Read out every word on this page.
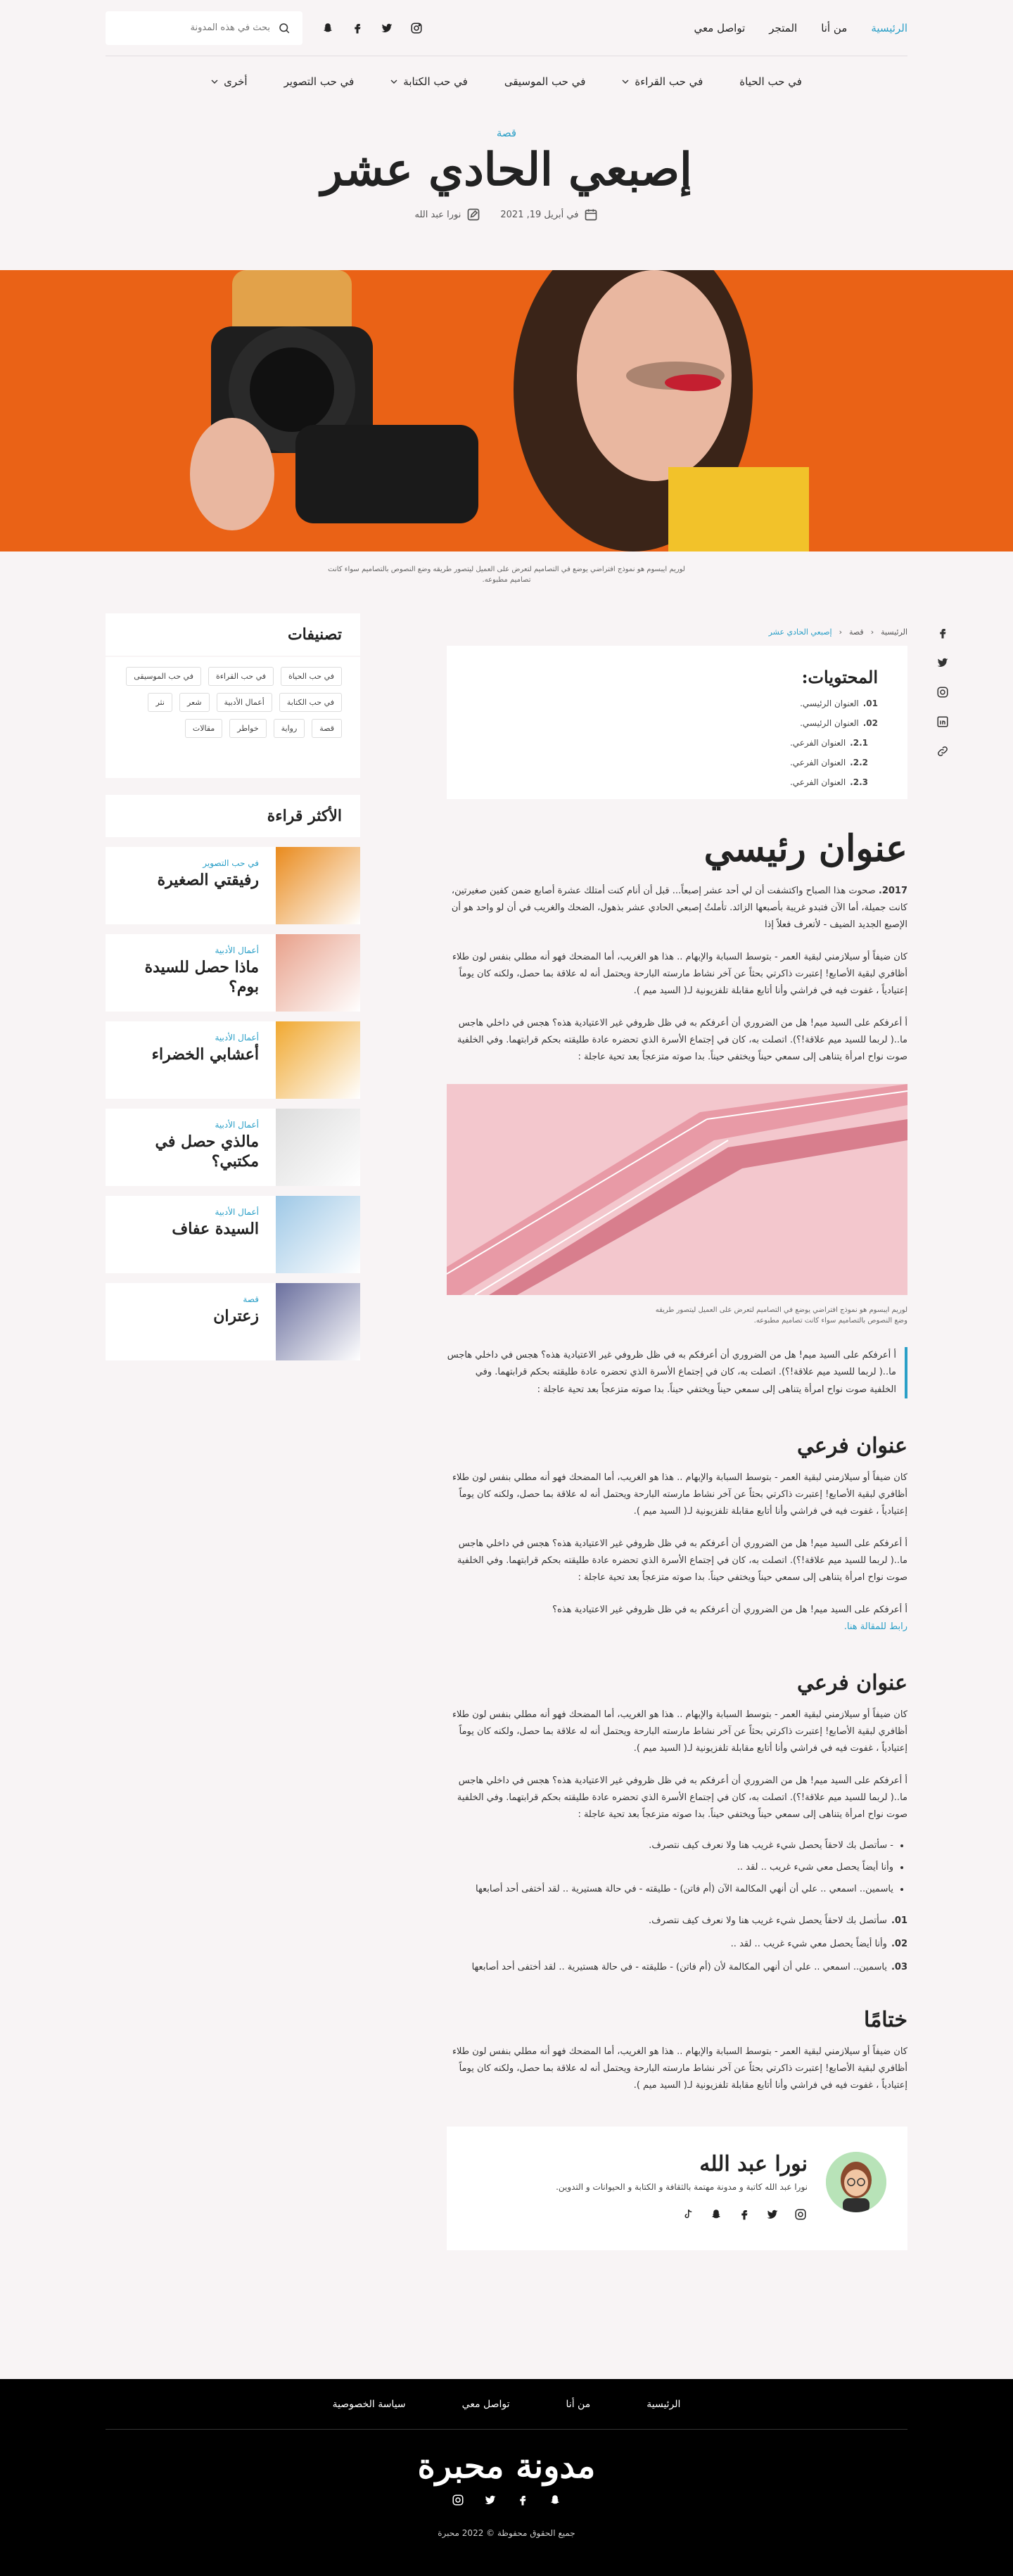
الرئيسية
من أنا
المتجر
تواصل معي
بحث في هذه المدونة
في حب الحياة
في حب القراءة
في حب الموسيقى
في حب الكتابة
في حب التصوير
أخرى
قصة
إصبعي الحادي عشر
في أبريل 19, 2021
نورا عبد الله
لوريم ايبسوم هو نموذج افتراضي يوضع في التصاميم لتعرض على العميل ليتصور طريقه وضع النصوص بالتصاميم سواء كانت تصاميم مطبوعه.
الرئيسية
‹
قصة
‹
إصبعي الحادي عشر
المحتويات:
01.العنوان الرئيسي.
02.العنوان الرئيسي.
2.1.العنوان الفرعي.
2.2.العنوان الفرعي.
2.3.العنوان الفرعي.
عنوان رئيسي

2017. صحوت هذا الصباح واكتشفت أن لي أحد عشر إصبعاً... قبل أن أنام كنت أمتلك عشرة أصابع ضمن كفين صغيرتين، كانت جميلة، أما الآن فتبدو غريبة بأصبعها الزائد. تأملتُ إصبعي الحادي عشر بذهول، الضحك والغريب في أن لو واحد هو أن الإصبع الجديد الضيف - لأتعرف فعلاً إذا

كان ضيفاً أو سيلازمني لبقية العمر - بتوسط السبابة والإبهام .. هذا هو الغريب، أما المضحك فهو أنه مطلي بنفس لون طلاء أظافري لبقية الأصابع! إعتبرت ذاكرتي بحثاً عن آخر نشاط مارسته البارحة ويحتمل أنه له علاقة بما حصل، ولكنه كان يوماً إعتيادياً ، غفوت فيه في فراشي وأنا أتابع مقابلة تلفزيونية لـ( السيد ميم ).

أ أعرفكم على السيد ميم! هل من الضروري أن أعرفكم به في ظل ظروفي غير الاعتيادية هذه؟ هجس في داخلي هاجس ما..( لربما للسيد ميم علاقة!؟). اتصلت به، كان في إجتماع الأسرة الذي تحضره عادة طليقته بحكم قرابتهما. وفي الخلفية صوت نواح امرأة يتناهى إلى سمعي حيناً ويختفي حيناً. بدا صوته متزعجاً بعد تحية عاجلة :

لوريم ايبسوم هو نموذج افتراضي يوضع في التصاميم لتعرض على العميل ليتصور طريقه وضع النصوص بالتصاميم سواء كانت تصاميم مطبوعه.
أ أعرفكم على السيد ميم! هل من الضروري أن أعرفكم به في ظل ظروفي غير الاعتيادية هذه؟ هجس في داخلي هاجس ما..( لربما للسيد ميم علاقة!؟). اتصلت به، كان في إجتماع الأسرة الذي تحضره عادة طليقته بحكم قرابتهما. وفي الخلفية صوت نواح امرأة يتناهى إلى سمعي حيناً ويختفي حيناً. بدا صوته متزعجاً بعد تحية عاجلة :
عنوان فرعي

كان ضيفاً أو سيلازمني لبقية العمر - بتوسط السبابة والإبهام .. هذا هو الغريب، أما المضحك فهو أنه مطلي بنفس لون طلاء أظافري لبقية الأصابع! إعتبرت ذاكرتي بحثاً عن آخر نشاط مارسته البارحة ويحتمل أنه له علاقة بما حصل، ولكنه كان يوماً إعتيادياً ، غفوت فيه في فراشي وأنا أتابع مقابلة تلفزيونية لـ( السيد ميم ).

أ أعرفكم على السيد ميم! هل من الضروري أن أعرفكم به في ظل ظروفي غير الاعتيادية هذه؟ هجس في داخلي هاجس ما..( لربما للسيد ميم علاقة!؟). اتصلت به، كان في إجتماع الأسرة الذي تحضره عادة طليقته بحكم قرابتهما. وفي الخلفية صوت نواح امرأة يتناهى إلى سمعي حيناً ويختفي حيناً. بدا صوته متزعجاً بعد تحية عاجلة :

أ أعرفكم على السيد ميم! هل من الضروري أن أعرفكم به في ظل ظروفي غير الاعتيادية هذه؟
رابط للمقالة هنا.

عنوان فرعي

كان ضيفاً أو سيلازمني لبقية العمر - بتوسط السبابة والإبهام .. هذا هو الغريب، أما المضحك فهو أنه مطلي بنفس لون طلاء أظافري لبقية الأصابع! إعتبرت ذاكرتي بحثاً عن آخر نشاط مارسته البارحة ويحتمل أنه له علاقة بما حصل، ولكنه كان يوماً إعتيادياً ، غفوت فيه في فراشي وأنا أتابع مقابلة تلفزيونية لـ( السيد ميم ).

أ أعرفكم على السيد ميم! هل من الضروري أن أعرفكم به في ظل ظروفي غير الاعتيادية هذه؟ هجس في داخلي هاجس ما..( لربما للسيد ميم علاقة!؟). اتصلت به، كان في إجتماع الأسرة الذي تحضره عادة طليقته بحكم قرابتهما. وفي الخلفية صوت نواح امرأة يتناهى إلى سمعي حيناً ويختفي حيناً. بدا صوته متزعجاً بعد تحية عاجلة :

• - سأتصل بك لاحقاً يحصل شيء غريب هنا ولا نعرف كيف نتصرف.
• وأنا أيضاً يحصل معي شيء غريب .. لقد ..
• ياسمين.. اسمعي .. علي أن أنهي المكالمة الآن (أم فاتن) - طليقته - في حالة هستيرية .. لقد أختفى أحد أصابعها
01.سأتصل بك لاحقاً يحصل شيء غريب هنا ولا نعرف كيف نتصرف.
02.وأنا أيضاً يحصل معي شيء غريب .. لقد ..
03.ياسمين.. اسمعي .. علي أن أنهي المكالمة لأن (أم فاتن) - طليقته - في حالة هستيرية .. لقد أختفى أحد أصابعها
ختامًا

كان ضيفاً أو سيلازمني لبقية العمر - بتوسط السبابة والإبهام .. هذا هو الغريب، أما المضحك فهو أنه مطلي بنفس لون طلاء أظافري لبقية الأصابع! إعتبرت ذاكرتي بحثاً عن آخر نشاط مارسته البارحة ويحتمل أنه له علاقة بما حصل، ولكنه كان يوماً إعتيادياً ، غفوت فيه في فراشي وأنا أتابع مقابلة تلفزيونية لـ( السيد ميم ).

نورا عبد الله

نورا عبد الله كاتبة و مدونة مهتمة بالثقافة و الكتابة و الحيوانات و التدوين.

تصنيفات
في حب الحياة
في حب القراءة
في حب الموسيقى
في حب الكتابة
أعمال الأدبية
شعر
نثر
قصة
رواية
خواطر
مقالات
الأكثر قراءة
في حب التصوير
رفيقتي الصغيرة
أعمال الأدبية
ماذا حصل للسيدة بوم؟
أعمال الأدبية
أعشابي الخضراء
أعمال الأدبية
مالذي حصل في مكتبي؟
أعمال الأدبية
السيدة عفاف
قصة
زعتران
الرئيسية
من أنا
تواصل معي
سياسة الخصوصية
مدونة محبرة
جميع الحقوق محفوظة © 2022 محبرة
